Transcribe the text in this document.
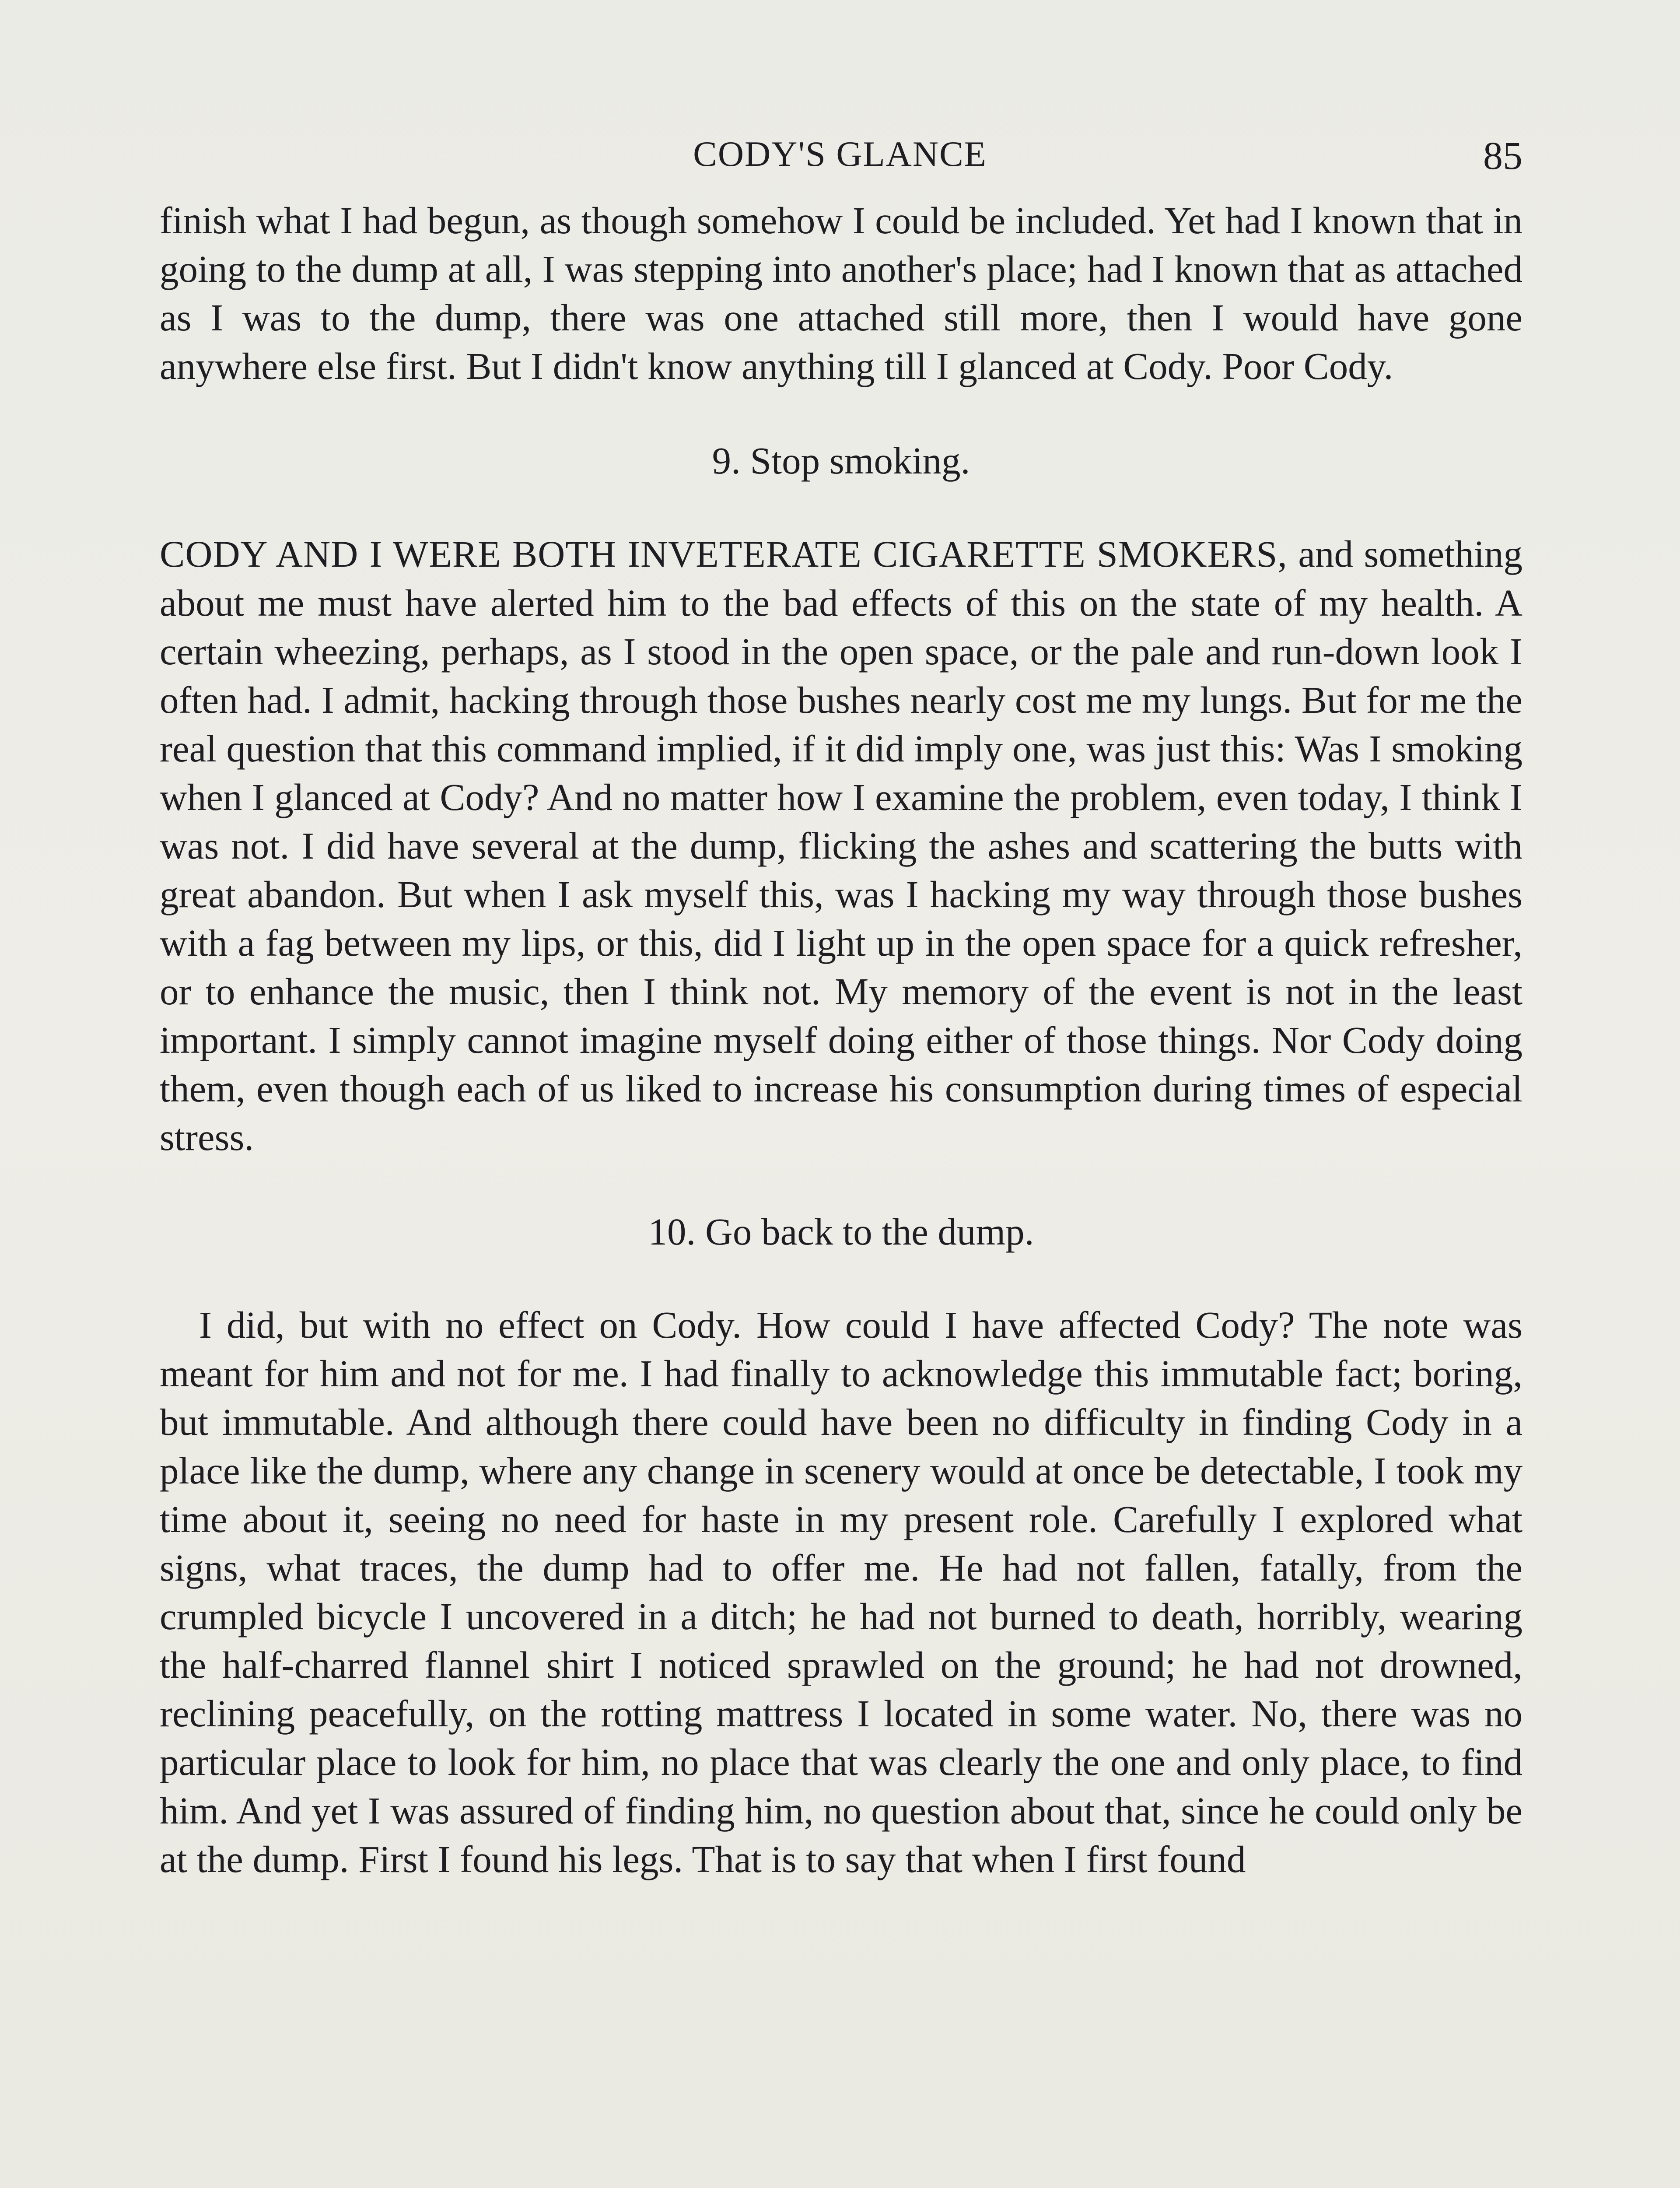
CODY'S GLANCE	85

finish what I had begun, as though somehow I could be included. Yet had I known that in going to the dump at all, I was stepping into another's place; had I known that as attached as I was to the dump, there was one attached still more, then I would have gone anywhere else first. But I didn't know anything till I glanced at Cody. Poor Cody.

9. Stop smoking.

CODY AND I WERE BOTH INVETERATE CIGARETTE SMOKERS, and something about me must have alerted him to the bad effects of this on the state of my health. A certain wheezing, perhaps, as I stood in the open space, or the pale and run-down look I often had. I admit, hacking through those bushes nearly cost me my lungs. But for me the real question that this command implied, if it did imply one, was just this: Was I smoking when I glanced at Cody? And no matter how I examine the problem, even today, I think I was not. I did have several at the dump, flicking the ashes and scattering the butts with great abandon. But when I ask myself this, was I hacking my way through those bushes with a fag between my lips, or this, did I light up in the open space for a quick refresher, or to enhance the music, then I think not. My memory of the event is not in the least important. I simply cannot imagine myself doing either of those things. Nor Cody doing them, even though each of us liked to increase his consumption during times of especial stress.

10. Go back to the dump.

I did, but with no effect on Cody. How could I have affected Cody? The note was meant for him and not for me. I had finally to acknowledge this immutable fact; boring, but immutable. And although there could have been no difficulty in finding Cody in a place like the dump, where any change in scenery would at once be detectable, I took my time about it, seeing no need for haste in my present role. Carefully I explored what signs, what traces, the dump had to offer me. He had not fallen, fatally, from the crumpled bicycle I uncovered in a ditch; he had not burned to death, horribly, wearing the half-charred flannel shirt I noticed sprawled on the ground; he had not drowned, reclining peacefully, on the rotting mattress I located in some water. No, there was no particular place to look for him, no place that was clearly the one and only place, to find him. And yet I was assured of finding him, no question about that, since he could only be at the dump. First I found his legs. That is to say that when I first found
